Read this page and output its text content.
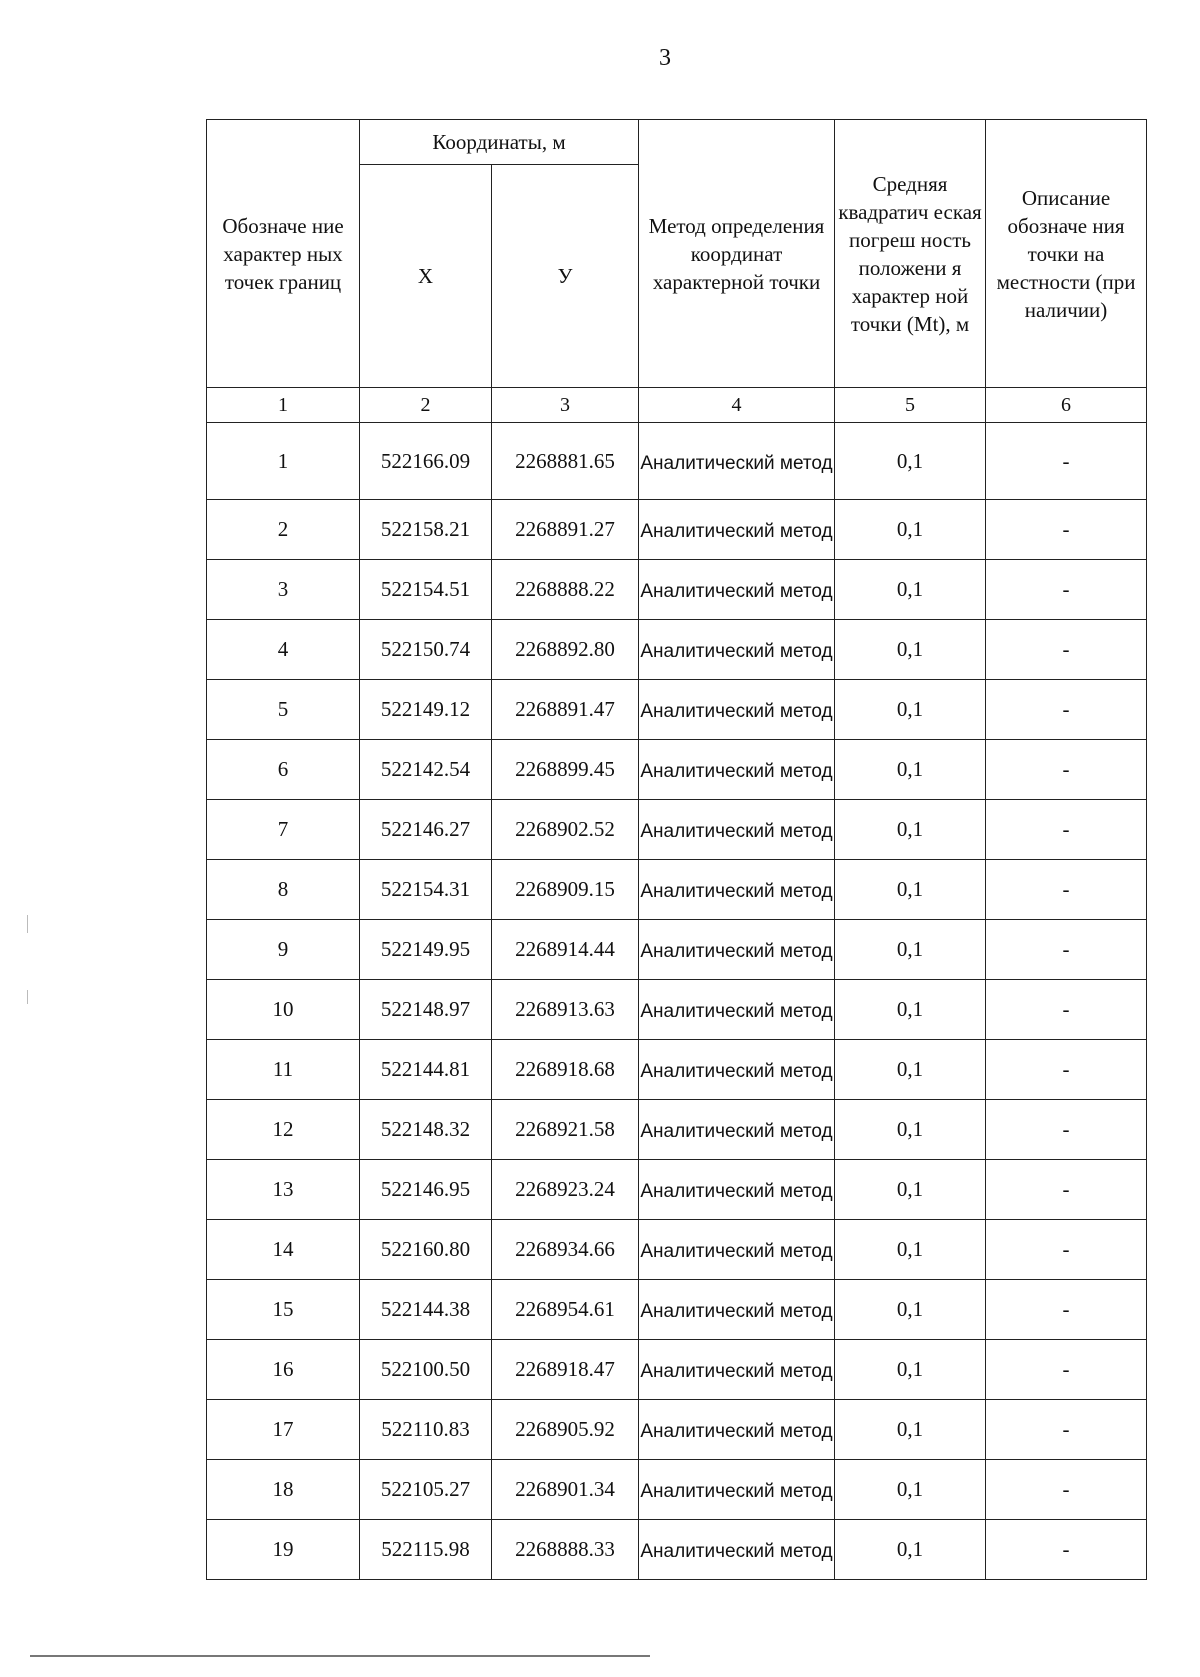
3
Обозначе ние характер ных точек границ	Координаты, м		Метод определения координат характерной точки	Средняя квадратич еская погреш ность положени я характер ной точки (Mt), м	Описание обозначе ния точки на местности (при наличии)
	Х	У			
1	2	3	4	5	6
1	522166.09	2268881.65	Аналитический метод	0,1	-
2	522158.21	2268891.27	Аналитический метод	0,1	-
3	522154.51	2268888.22	Аналитический метод	0,1	-
4	522150.74	2268892.80	Аналитический метод	0,1	-
5	522149.12	2268891.47	Аналитический метод	0,1	-
6	522142.54	2268899.45	Аналитический метод	0,1	-
7	522146.27	2268902.52	Аналитический метод	0,1	-
8	522154.31	2268909.15	Аналитический метод	0,1	-
9	522149.95	2268914.44	Аналитический метод	0,1	-
10	522148.97	2268913.63	Аналитический метод	0,1	-
11	522144.81	2268918.68	Аналитический метод	0,1	-
12	522148.32	2268921.58	Аналитический метод	0,1	-
13	522146.95	2268923.24	Аналитический метод	0,1	-
14	522160.80	2268934.66	Аналитический метод	0,1	-
15	522144.38	2268954.61	Аналитический метод	0,1	-
16	522100.50	2268918.47	Аналитический метод	0,1	-
17	522110.83	2268905.92	Аналитический метод	0,1	-
18	522105.27	2268901.34	Аналитический метод	0,1	-
19	522115.98	2268888.33	Аналитический метод	0,1	-
